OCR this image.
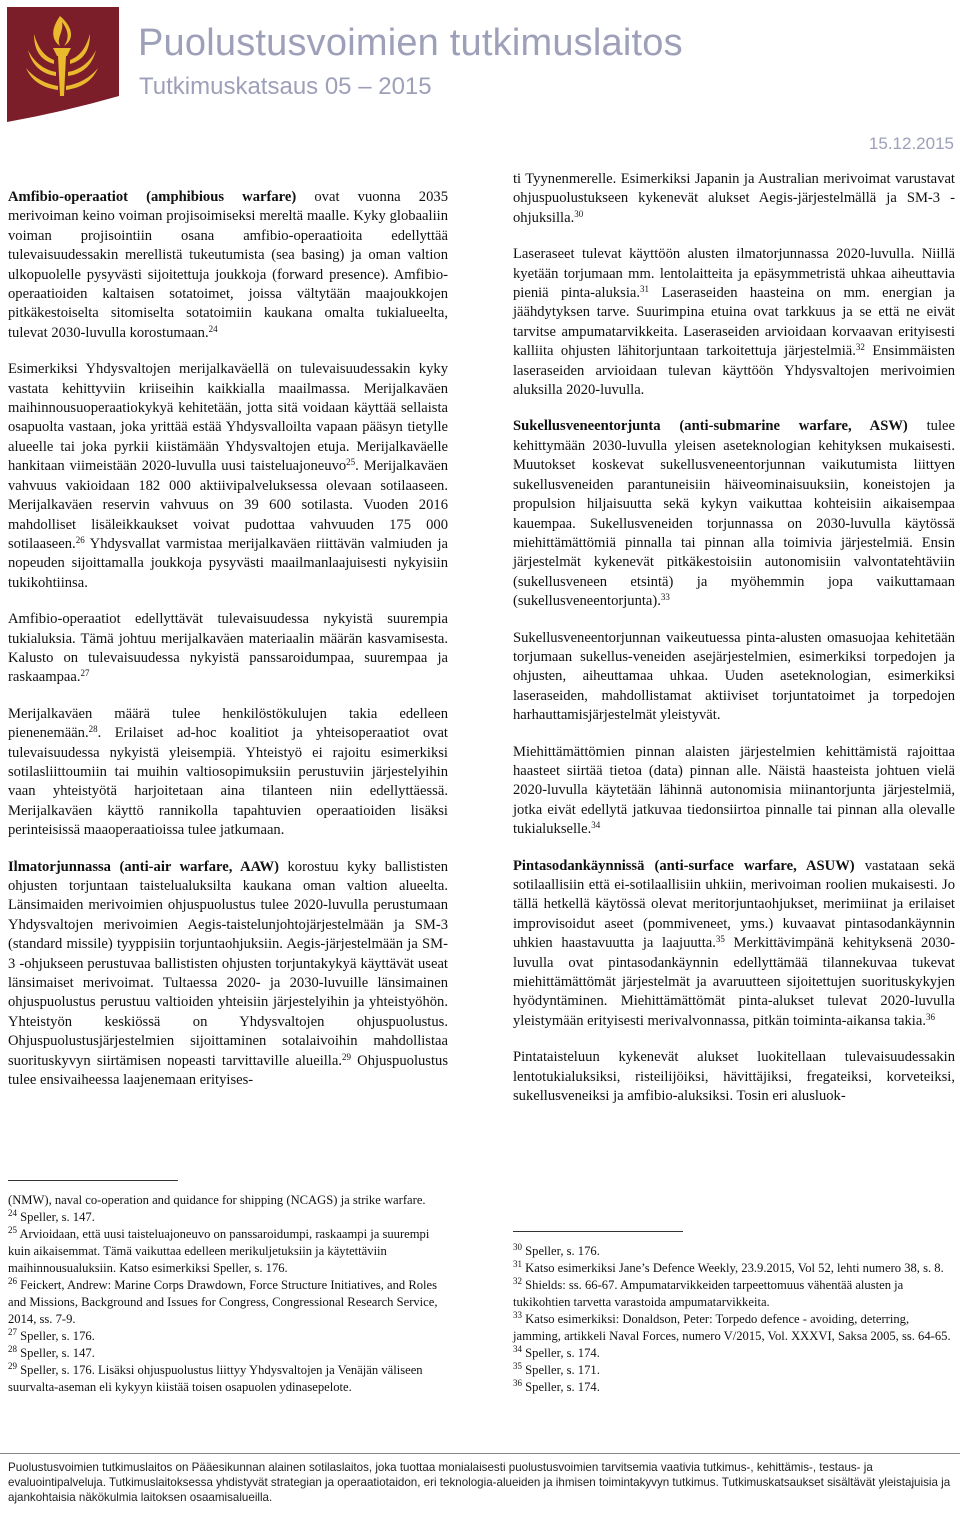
Puolustusvoimien tutkimuslaitos
Tutkimuskatsaus 05 – 2015
15.12.2015

Amfibio-operaatiot (amphibious warfare) ovat vuonna 2035 merivoiman keino voiman projisoimiseksi mereltä maalle. Kyky globaaliin voiman projisointiin osana amfibio-operaatioita edellyttää tulevaisuudessakin merellistä tukeutumista (sea basing) ja oman valtion ulkopuolelle pysyvästi sijoitettuja joukkoja (forward presence). Amfibio-operaatioiden kaltaisen sotatoimet, joissa vältytään maajoukkojen pitkäkestoiselta sitomiselta sotatoimiin kaukana omalta tukialueelta, tulevat 2030-luvulla korostumaan.$^{24}$

Esimerkiksi Yhdysvaltojen merijalkaväellä on tulevaisuudessakin kyky vastata kehittyviin kriiseihin kaikkialla maailmassa. Merijalkaväen maihinnousuoperaatiokykyä kehitetään, jotta sitä voidaan käyttää sellaista osapuolta vastaan, joka yrittää estää Yhdysvalloilta vapaan pääsyn tietylle alueelle tai joka pyrkii kiistämään Yhdysvaltojen etuja. Merijalkaväelle hankitaan viimeistään 2020-luvulla uusi taisteluajoneuvo$^{25}$. Merijalkaväen vahvuus vakioidaan 182 000 aktiivipalveluksessa olevaan sotilaaseen. Merijalkaväen reservin vahvuus on 39 600 sotilasta. Vuoden 2016 mahdolliset lisäleikkaukset voivat pudottaa vahvuuden 175 000 sotilaaseen.$^{26}$ Yhdysvallat varmistaa merijalkaväen riittävän valmiuden ja nopeuden sijoittamalla joukkoja pysyvästi maailmanlaajuisesti nykyisiin tukikohtiinsa.

Amfibio-operaatiot edellyttävät tulevaisuudessa nykyistä suurempia tukialuksia. Tämä johtuu merijalkaväen materiaalin määrän kasvamisesta. Kalusto on tulevaisuudessa nykyistä panssaroidumpaa, suurempaa ja raskaampaa.$^{27}$

Merijalkaväen määrä tulee henkilöstökulujen takia edelleen pienenemään.$^{28}$. Erilaiset ad-hoc koalitiot ja yhteisoperaatiot ovat tulevaisuudessa nykyistä yleisempiä. Yhteistyö ei rajoitu esimerkiksi sotilasliittoumiin tai muihin valtiosopimuksiin perustuviin järjestelyihin vaan yhteistyötä harjoitetaan aina tilanteen niin edellyttäessä. Merijalkaväen käyttö rannikolla tapahtuvien operaatioiden lisäksi perinteisissä maaoperaatioissa tulee jatkumaan.

Ilmatorjunnassa (anti-air warfare, AAW) korostuu kyky ballististen ohjusten torjuntaan taistelualuksilta kaukana oman valtion alueelta. Länsimaiden merivoimien ohjuspuolustus tulee 2020-luvulla perustumaan Yhdysvaltojen merivoimien Aegis-taistelunjohtojärjestelmään ja SM-3 (standard missile) tyyppisiin torjuntaohjuksiin. Aegis-järjestelmään ja SM-3 -ohjukseen perustuvaa ballististen ohjusten torjuntakykyä käyttävät useat länsimaiset merivoimat. Tultaessa 2020- ja 2030-luvuille länsimainen ohjuspuolustus perustuu valtioiden yhteisiin järjestelyihin ja yhteistyöhön. Yhteistyön keskiössä on Yhdysvaltojen ohjuspuolustus. Ohjuspuolustusjärjestelmien sijoittaminen sotalaivoihin mahdollistaa suorituskyvyn siirtämisen nopeasti tarvittaville alueilla.$^{29}$ Ohjuspuolustus tulee ensivaiheessa laajenemaan erityises-

ti Tyynenmerelle. Esimerkiksi Japanin ja Australian merivoimat varustavat ohjuspuolustukseen kykenevät alukset Aegis-järjestelmällä ja SM-3 -ohjuksilla.$^{30}$

Laseraseet tulevat käyttöön alusten ilmatorjunnassa 2020-luvulla. Niillä kyetään torjumaan mm. lentolaitteita ja epäsymmetristä uhkaa aiheuttavia pieniä pinta-aluksia.$^{31}$ Laseraseiden haasteina on mm. energian ja jäähdytyksen tarve. Suurimpina etuina ovat tarkkuus ja se että ne eivät tarvitse ampumatarvikkeita. Laseraseiden arvioidaan korvaavan erityisesti kalliita ohjusten lähitorjuntaan tarkoitettuja järjestelmiä.$^{32}$ Ensimmäisten laseraseiden arvioidaan tulevan käyttöön Yhdysvaltojen merivoimien aluksilla 2020-luvulla.

Sukellusveneentorjunta (anti-submarine warfare, ASW) tulee kehittymään 2030-luvulla yleisen aseteknologian kehityksen mukaisesti. Muutokset koskevat sukellusveneentorjunnan vaikutumista liittyen sukellusveneiden parantuneisiin häiveominaisuuksiin, koneistojen ja propulsion hiljaisuutta sekä kykyn vaikuttaa kohteisiin aikaisempaa kauempaa. Sukellusveneiden torjunnassa on 2030-luvulla käytössä miehittämättömiä pinnalla tai pinnan alla toimivia järjestelmiä. Ensin järjestelmät kykenevät pitkäkestoisiin autonomisiin valvontatehtäviin (sukellusveneen etsintä) ja myöhemmin jopa vaikuttamaan (sukellusveneentorjunta).$^{33}$

Sukellusveneentorjunnan vaikeutuessa pinta-alusten omasuojaa kehitetään torjumaan sukellus-veneiden asejärjestelmien, esimerkiksi torpedojen ja ohjusten, aiheuttamaa uhkaa. Uuden aseteknologian, esimerkiksi laseraseiden, mahdollistamat aktiiviset torjuntatoimet ja torpedojen harhauttamisjärjestelmät yleistyvät.

Miehittämättömien pinnan alaisten järjestelmien kehittämistä rajoittaa haasteet siirtää tietoa (data) pinnan alle. Näistä haasteista johtuen vielä 2020-luvulla käytetään lähinnä autonomisia miinantorjunta järjestelmiä, jotka eivät edellytä jatkuvaa tiedonsiirtoa pinnalle tai pinnan alla olevalle tukialukselle.$^{34}$

Pintasodankäynnissä (anti-surface warfare, ASUW) vastataan sekä sotilaallisiin että ei-sotilaallisiin uhkiin, merivoiman roolien mukaisesti. Jo tällä hetkellä käytössä olevat meritorjuntaohjukset, merimiinat ja erilaiset improvisoidut aseet (pommiveneet, yms.) kuvaavat pintasodankäynnin uhkien haastavuutta ja laajuutta.$^{35}$ Merkittävimpänä kehityksenä 2030-luvulla ovat pintasodankäynnin edellyttämää tilannekuvaa tukevat miehittämättömät järjestelmät ja avaruutteen sijoitettujen suorituskykyjen hyödyntäminen. Miehittämättömät pinta-alukset tulevat 2020-luvulla yleistymään erityisesti merivalvonnassa, pitkän toiminta-aikansa takia.$^{36}$

Pintataisteluun kykenevät alukset luokitellaan tulevaisuudessakin lentotukialuksiksi, risteilijöiksi, hävittäjiksi, fregateiksi, korveteiksi, sukellusveneiksi ja amfibio-aluksiksi. Tosin eri alusluok-

(NMW), naval co-operation and quidance for shipping (NCAGS) ja strike warfare.
$^{24}$ Speller, s. 147.
$^{25}$ Arvioidaan, että uusi taisteluajoneuvo on panssaroidumpi, raskaampi ja suurempi kuin aikaisemmat. Tämä vaikuttaa edelleen merikuljetuksiin ja käytettäviin maihinnousualuksiin. Katso esimerkiksi Speller, s. 176.
$^{26}$ Feickert, Andrew: Marine Corps Drawdown, Force Structure Initiatives, and Roles and Missions, Background and Issues for Congress, Congressional Research Service, 2014, ss. 7-9.
$^{27}$ Speller, s. 176.
$^{28}$ Speller, s. 147.
$^{29}$ Speller, s. 176. Lisäksi ohjuspuolustus liittyy Yhdysvaltojen ja Venäjän väliseen suurvalta-aseman eli kykyyn kiistää toisen osapuolen ydinasepelote.
$^{30}$ Speller, s. 176.
$^{31}$ Katso esimerkiksi Jane’s Defence Weekly, 23.9.2015, Vol 52, lehti numero 38, s. 8.
$^{32}$ Shields: ss. 66-67. Ampumatarvikkeiden tarpeettomuus vähentää alusten ja tukikohtien tarvetta varastoida ampumatarvikkeita.
$^{33}$ Katso esimerkiksi: Donaldson, Peter: Torpedo defence - avoiding, deterring, jamming, artikkeli Naval Forces, numero V/2015, Vol. XXXVI, Saksa 2005, ss. 64-65.
$^{34}$ Speller, s. 174.
$^{35}$ Speller, s. 171.
$^{36}$ Speller, s. 174.
Puolustusvoimien tutkimuslaitos on Pääesikunnan alainen sotilaslaitos, joka tuottaa monialaisesti puolustusvoimien tarvitsemia vaativia tutkimus-, kehittämis-, testaus- ja evaluointipalveluja. Tutkimuslaitoksessa yhdistyvät strategian ja operaatiotaidon, eri teknologia-alueiden ja ihmisen toimintakyvyn tutkimus. Tutkimuskatsaukset sisältävät yleistajuisia ja ajankohtaisia näkökulmia laitoksen osaamisalueilla.
